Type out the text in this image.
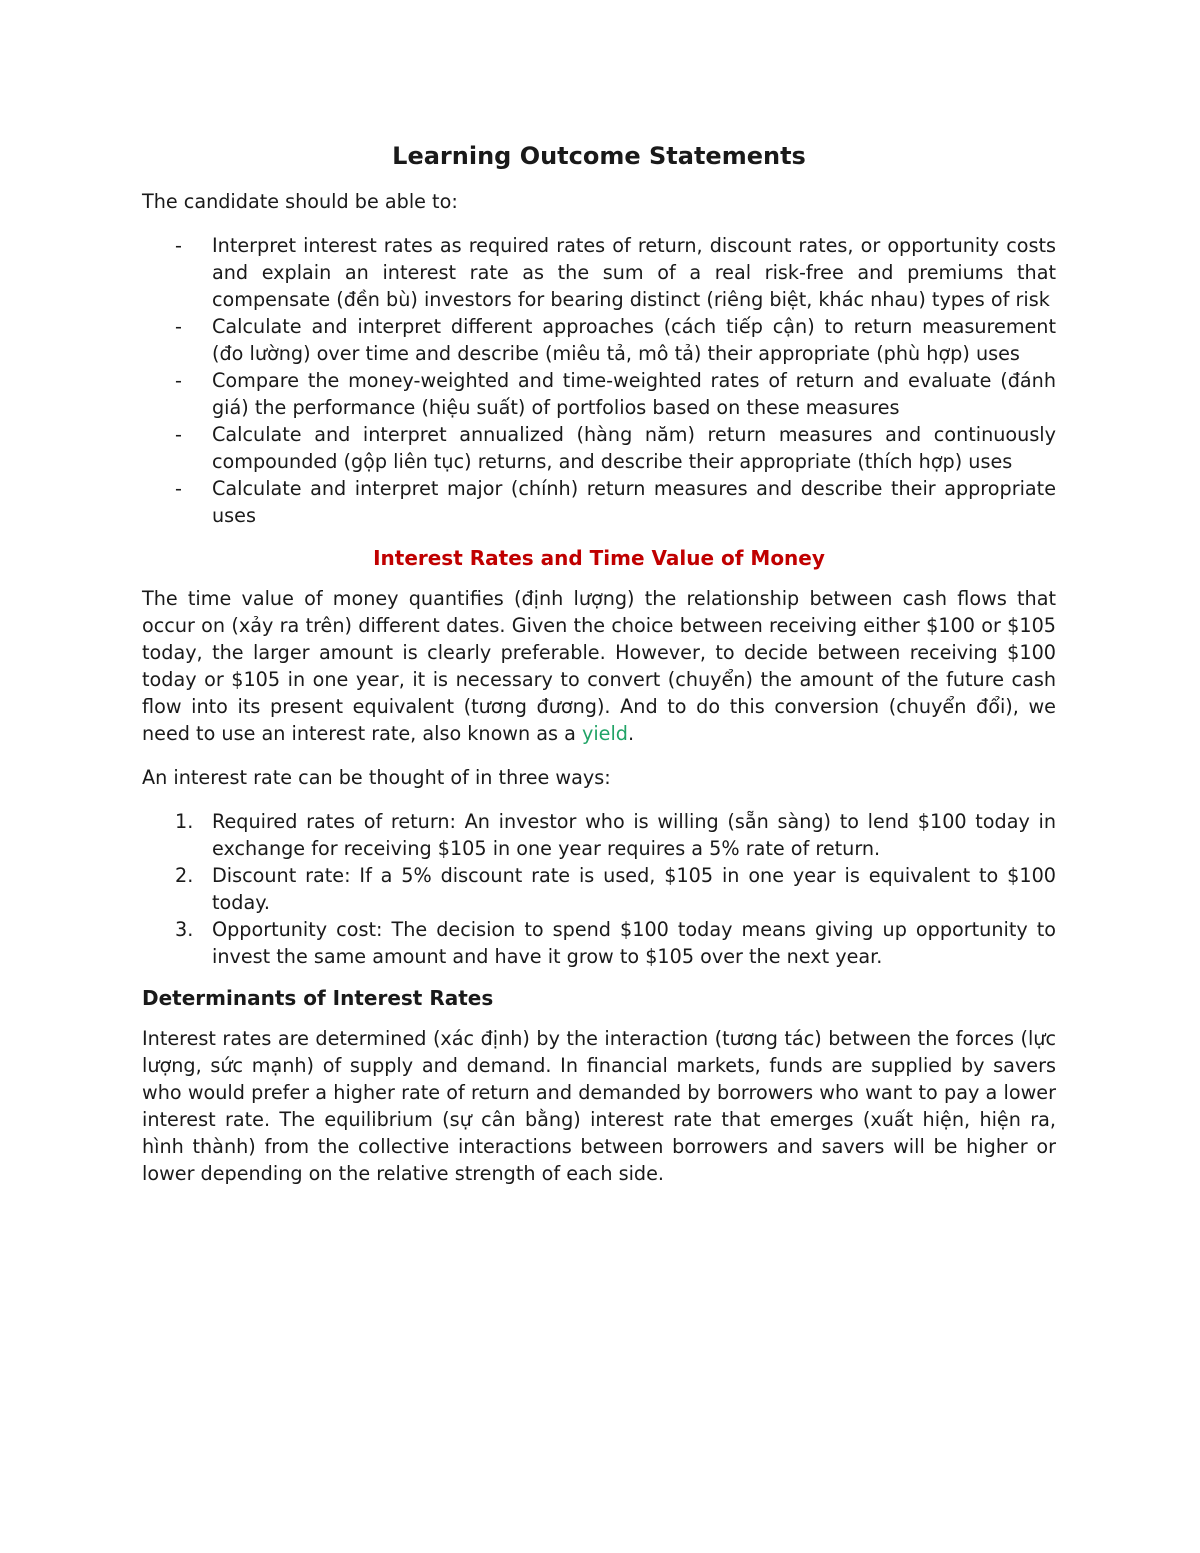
Learning Outcome Statements

The candidate should be able to:

- Interpret interest rates as required rates of return, discount rates, or opportunity costs and explain an interest rate as the sum of a real risk-free and premiums that compensate (đền bù) investors for bearing distinct (riêng biệt, khác nhau) types of risk
- Calculate and interpret different approaches (cách tiếp cận) to return measurement (đo lường) over time and describe (miêu tả, mô tả) their appropriate (phù hợp) uses
- Compare the money-weighted and time-weighted rates of return and evaluate (đánh giá) the performance (hiệu suất) of portfolios based on these measures
- Calculate and interpret annualized (hàng năm) return measures and continuously compounded (gộp liên tục) returns, and describe their appropriate (thích hợp) uses
- Calculate and interpret major (chính) return measures and describe their appropriate uses
Interest Rates and Time Value of Money

The time value of money quantifies (định lượng) the relationship between cash flows that occur on (xảy ra trên) different dates. Given the choice between receiving either $100 or $105 today, the larger amount is clearly preferable. However, to decide between receiving $100 today or $105 in one year, it is necessary to convert (chuyển) the amount of the future cash flow into its present equivalent (tương đương). And to do this conversion (chuyển đổi), we need to use an interest rate, also known as a yield.

An interest rate can be thought of in three ways:

1. Required rates of return: An investor who is willing (sẵn sàng) to lend $100 today in exchange for receiving $105 in one year requires a 5% rate of return.
2. Discount rate: If a 5% discount rate is used, $105 in one year is equivalent to $100 today.
3. Opportunity cost: The decision to spend $100 today means giving up opportunity to invest the same amount and have it grow to $105 over the next year.
Determinants of Interest Rates

Interest rates are determined (xác định) by the interaction (tương tác) between the forces (lực lượng, sức mạnh) of supply and demand. In financial markets, funds are supplied by savers who would prefer a higher rate of return and demanded by borrowers who want to pay a lower interest rate. The equilibrium (sự cân bằng) interest rate that emerges (xuất hiện, hiện ra, hình thành) from the collective interactions between borrowers and savers will be higher or lower depending on the relative strength of each side.
